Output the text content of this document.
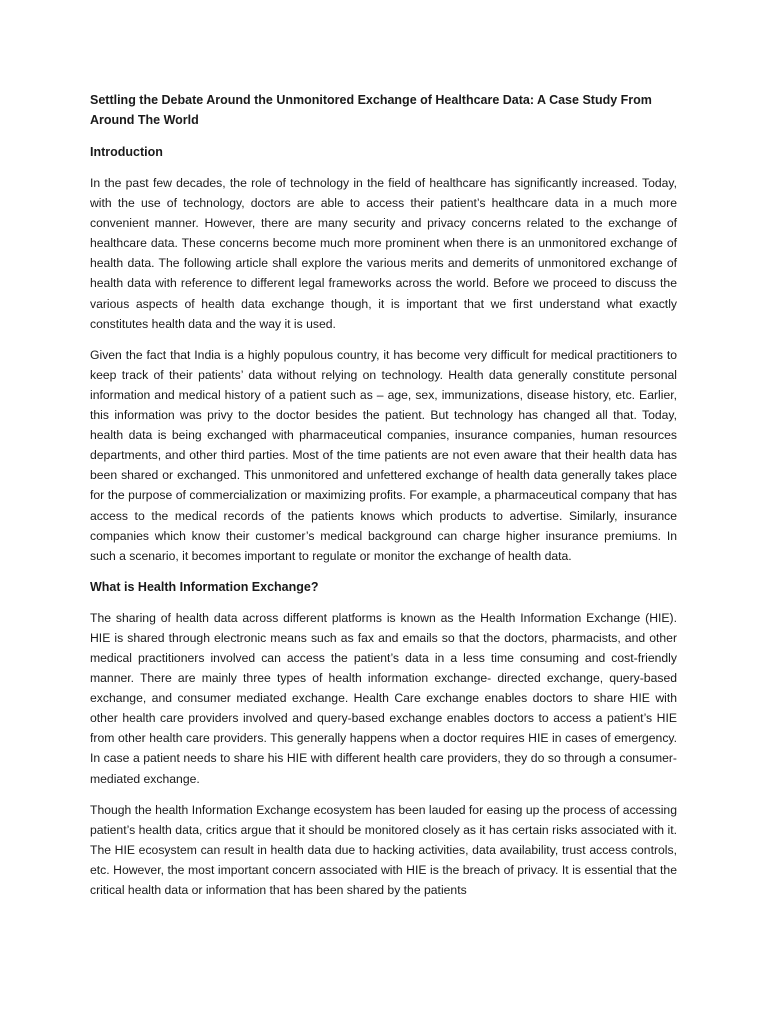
Settling the Debate Around the Unmonitored Exchange of Healthcare Data: A Case Study From Around The World

Introduction

In the past few decades, the role of technology in the field of healthcare has significantly increased. Today, with the use of technology, doctors are able to access their patient’s healthcare data in a much more convenient manner. However, there are many security and privacy concerns related to the exchange of healthcare data. These concerns become much more prominent when there is an unmonitored exchange of health data. The following article shall explore the various merits and demerits of unmonitored exchange of health data with reference to different legal frameworks across the world. Before we proceed to discuss the various aspects of health data exchange though, it is important that we first understand what exactly constitutes health data and the way it is used.

Given the fact that India is a highly populous country, it has become very difficult for medical practitioners to keep track of their patients’ data without relying on technology. Health data generally constitute personal information and medical history of a patient such as – age, sex, immunizations, disease history, etc. Earlier, this information was privy to the doctor besides the patient. But technology has changed all that. Today, health data is being exchanged with pharmaceutical companies, insurance companies, human resources departments, and other third parties. Most of the time patients are not even aware that their health data has been shared or exchanged. This unmonitored and unfettered exchange of health data generally takes place for the purpose of commercialization or maximizing profits. For example, a pharmaceutical company that has access to the medical records of the patients knows which products to advertise. Similarly, insurance companies which know their customer’s medical background can charge higher insurance premiums. In such a scenario, it becomes important to regulate or monitor the exchange of health data.

What is Health Information Exchange?

The sharing of health data across different platforms is known as the Health Information Exchange (HIE). HIE is shared through electronic means such as fax and emails so that the doctors, pharmacists, and other medical practitioners involved can access the patient’s data in a less time consuming and cost-friendly manner. There are mainly three types of health information exchange- directed exchange, query-based exchange, and consumer mediated exchange. Health Care exchange enables doctors to share HIE with other health care providers involved and query-based exchange enables doctors to access a patient’s HIE from other health care providers. This generally happens when a doctor requires HIE in cases of emergency. In case a patient needs to share his HIE with different health care providers, they do so through a consumer-mediated exchange.

Though the health Information Exchange ecosystem has been lauded for easing up the process of accessing patient’s health data, critics argue that it should be monitored closely as it has certain risks associated with it. The HIE ecosystem can result in health data due to hacking activities, data availability, trust access controls, etc. However, the most important concern associated with HIE is the breach of privacy. It is essential that the critical health data or information that has been shared by the patients
